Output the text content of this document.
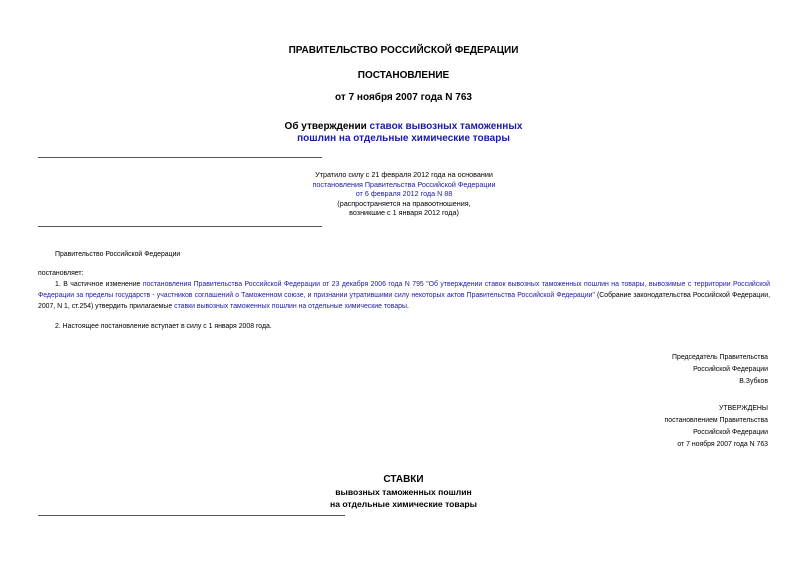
ПРАВИТЕЛЬСТВО РОССИЙСКОЙ ФЕДЕРАЦИИ
ПОСТАНОВЛЕНИЕ
от 7 ноября 2007 года N 763
Об утверждении ставок вывозных таможенных
пошлин на отдельные химические товары
Утратило силу с 21 февраля 2012 года на основании
постановления Правительства Российской Федерации
от 6 февраля 2012 года N 88
(распространяется на правоотношения,
возникшие с 1 января 2012 года)
Правительство Российской Федерации
постановляет:
1. В частичное изменение постановления Правительства Российской Федерации от 23 декабря 2006 года N 795 "Об утверждении ставок вывозных таможенных пошлин на товары, вывозимые с территории Российской Федерации за пределы государств - участников соглашений о Таможенном союзе, и признании утратившими силу некоторых актов Правительства Российской Федерации" (Собрание законодательства Российской Федерации, 2007, N 1, ст.254) утвердить прилагаемые ставки вывозных таможенных пошлин на отдельные химические товары.
2. Настоящее постановление вступает в силу с 1 января 2008 года.
Председатель Правительства
Российской Федерации
В.Зубков
УТВЕРЖДЕНЫ
постановлением Правительства
Российской Федерации
от 7 ноября 2007 года N 763
СТАВКИ
вывозных таможенных пошлин
на отдельные химические товары
